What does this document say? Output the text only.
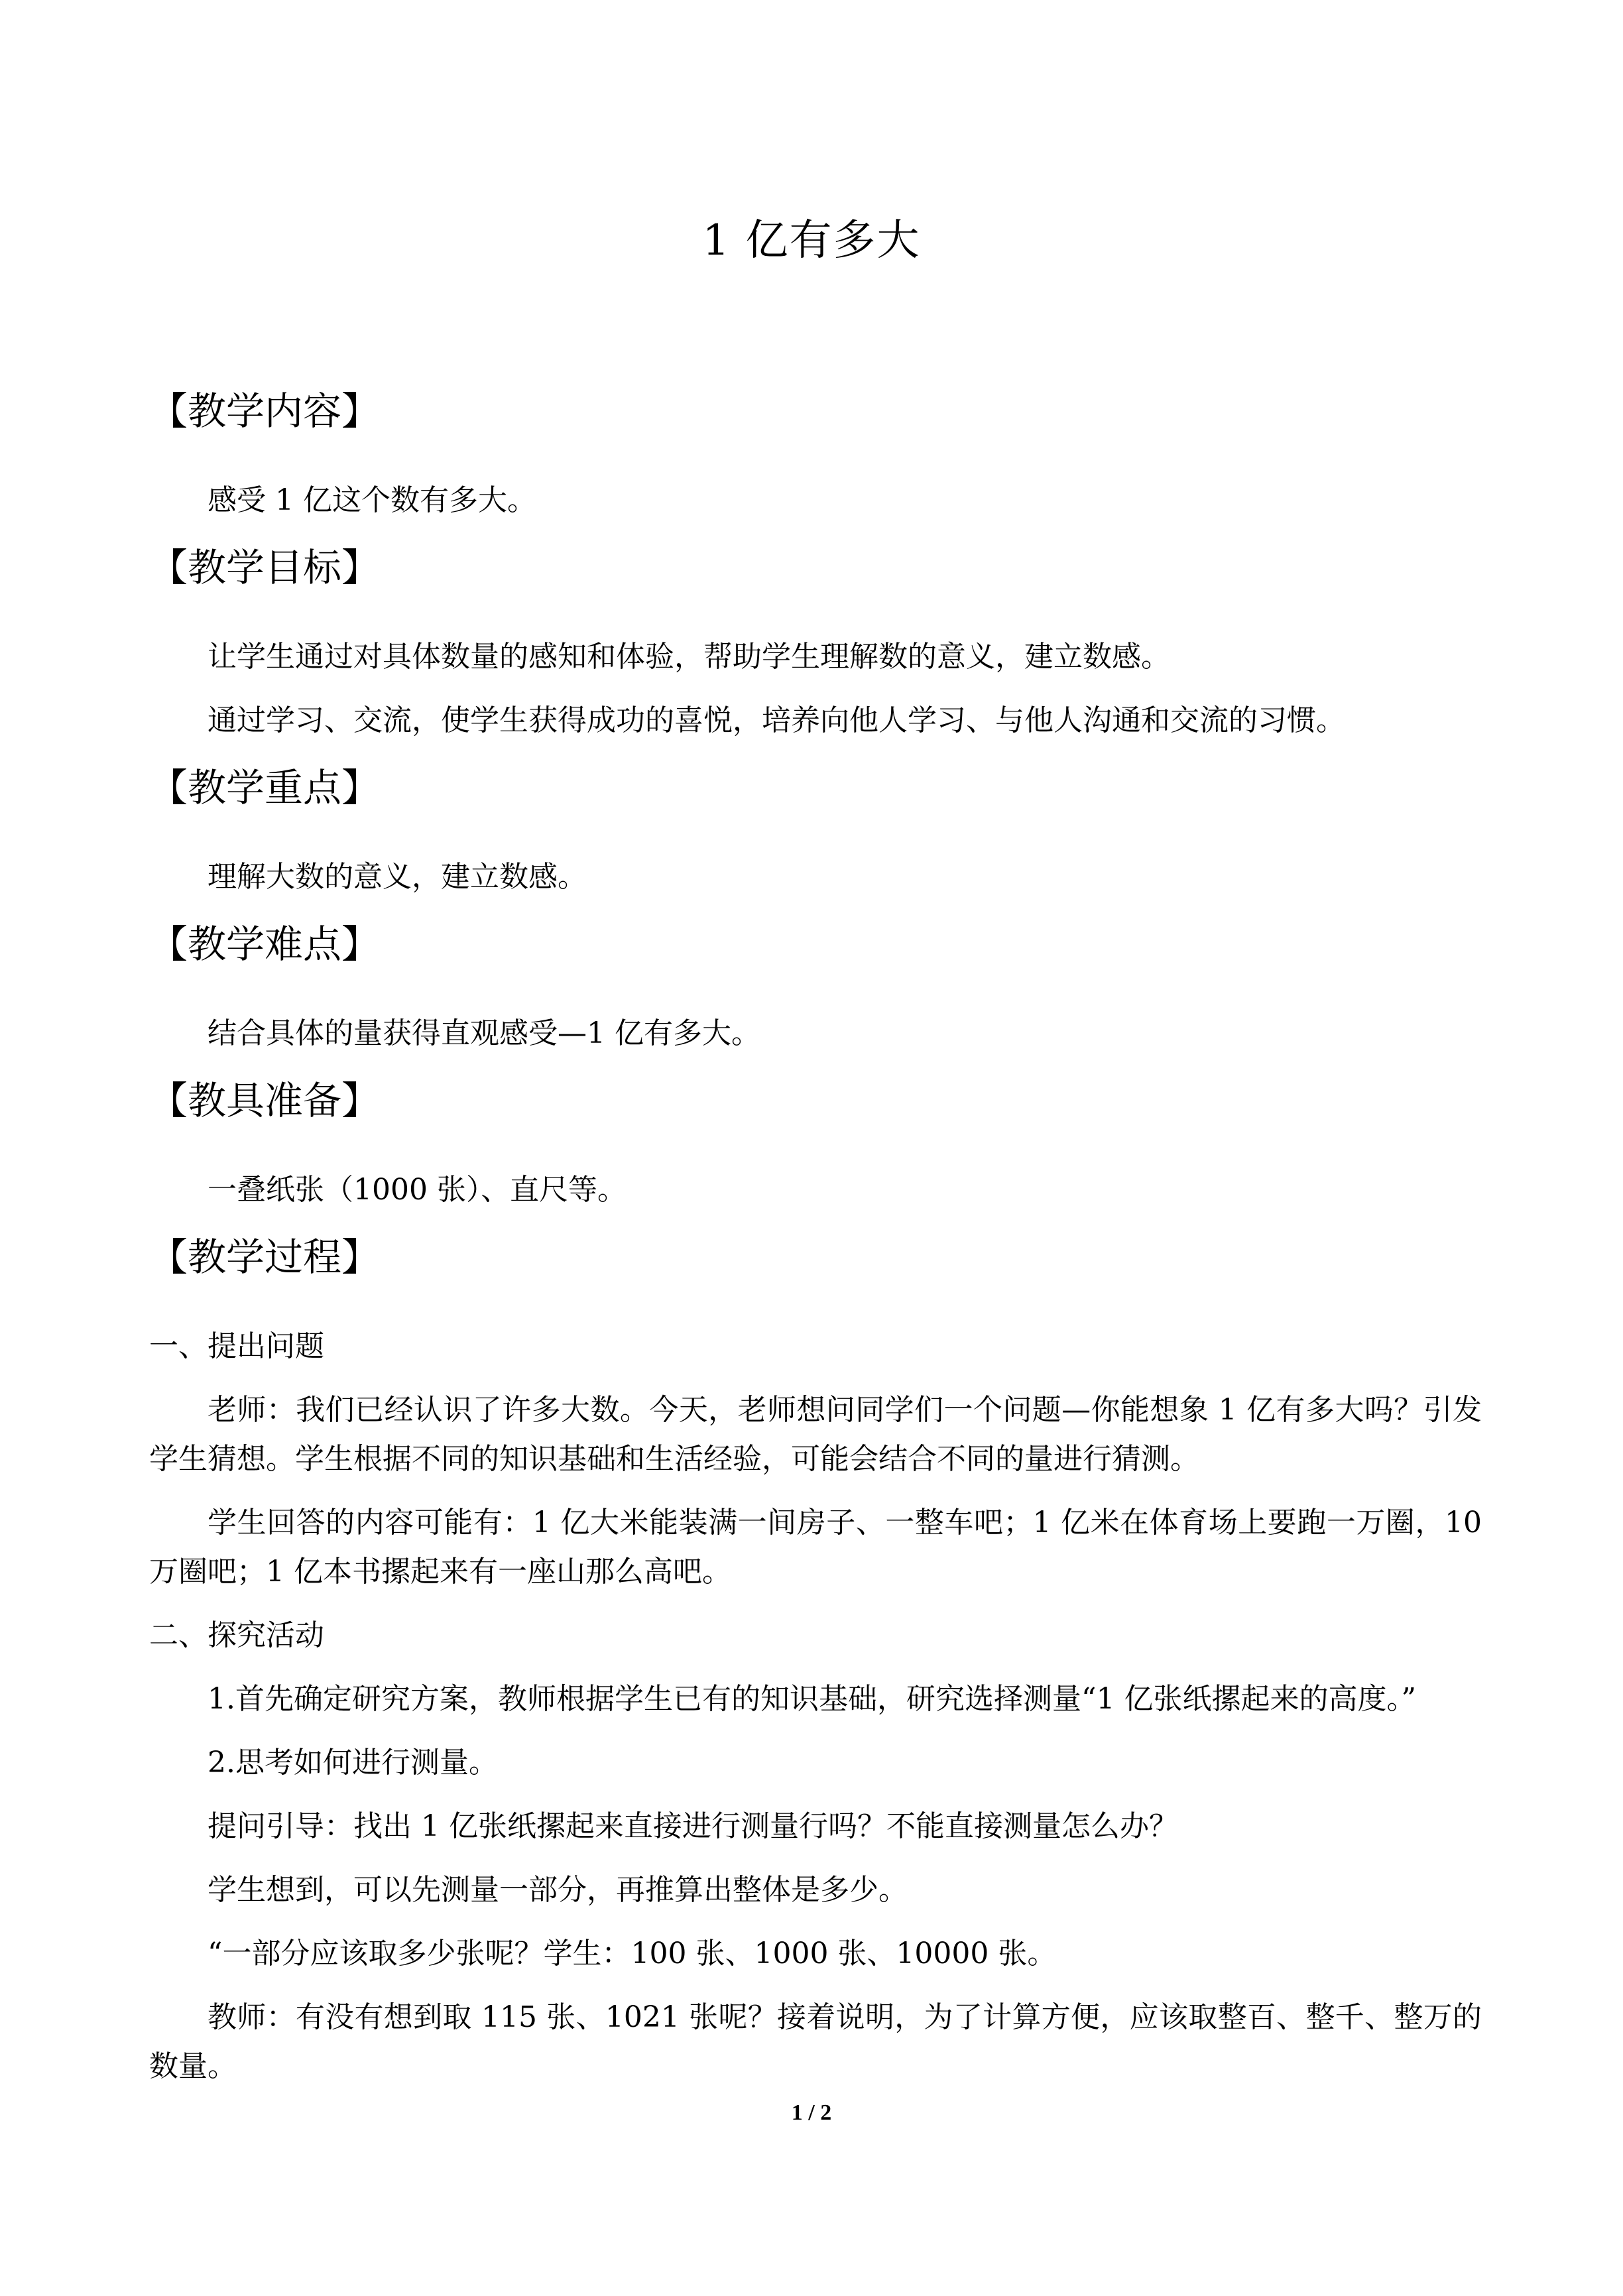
1 亿有多大

【教学内容】

感受 1 亿这个数有多大。

【教学目标】

让学生通过对具体数量的感知和体验，帮助学生理解数的意义，建立数感。

通过学习、交流，使学生获得成功的喜悦，培养向他人学习、与他人沟通和交流的习惯。

【教学重点】

理解大数的意义，建立数感。

【教学难点】

结合具体的量获得直观感受—1 亿有多大。

【教具准备】

一叠纸张（1000 张）、直尺等。

【教学过程】

一、提出问题

老师：我们已经认识了许多大数。今天，老师想问同学们一个问题—你能想象 1 亿有多大吗？引发学生猜想。学生根据不同的知识基础和生活经验，可能会结合不同的量进行猜测。

学生回答的内容可能有：1 亿大米能装满一间房子、一整车吧；1 亿米在体育场上要跑一万圈，10 万圈吧；1 亿本书摞起来有一座山那么高吧。

二、探究活动

1.首先确定研究方案，教师根据学生已有的知识基础，研究选择测量“1 亿张纸摞起来的高度。”

2.思考如何进行测量。

提问引导：找出 1 亿张纸摞起来直接进行测量行吗？不能直接测量怎么办？

学生想到，可以先测量一部分，再推算出整体是多少。

“一部分应该取多少张呢？学生：100 张、1000 张、10000 张。

教师：有没有想到取 115 张、1021 张呢？接着说明，为了计算方便，应该取整百、整千、整万的数量。

1 / 2
